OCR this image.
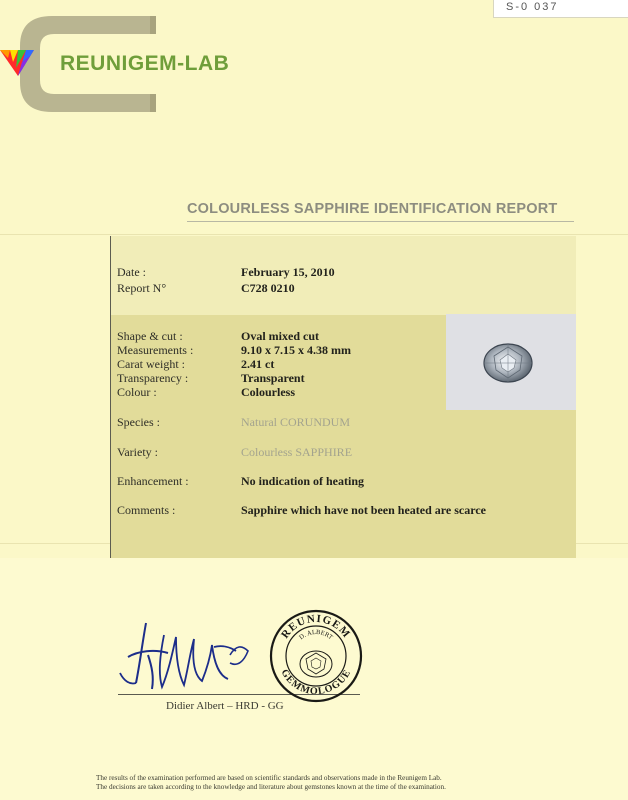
S-0 037
REUNIGEM-LAB
COLOURLESS SAPPHIRE IDENTIFICATION REPORT
Date :	February 15, 2010
Report N°	C728 0210
Shape & cut :	Oval mixed cut
Measurements :	9.10 x 7.15 x 4.38 mm
Carat weight :	2.41 ct
Transparency :	Transparent
Colour :	Colourless
Species :	Natural CORUNDUM
Variety :	Colourless SAPPHIRE
Enhancement :	No indication of heating
Comments :	Sapphire which have not been heated are scarce
Didier Albert – HRD - GG
REUNIGEM
GEMMOLOGUE
D. ALBERT
The results of the examination performed are based on scientific standards and observations made in the Reunigem Lab.
The decisions are taken according to the knowledge and literature about gemstones known at the time of the examination.
